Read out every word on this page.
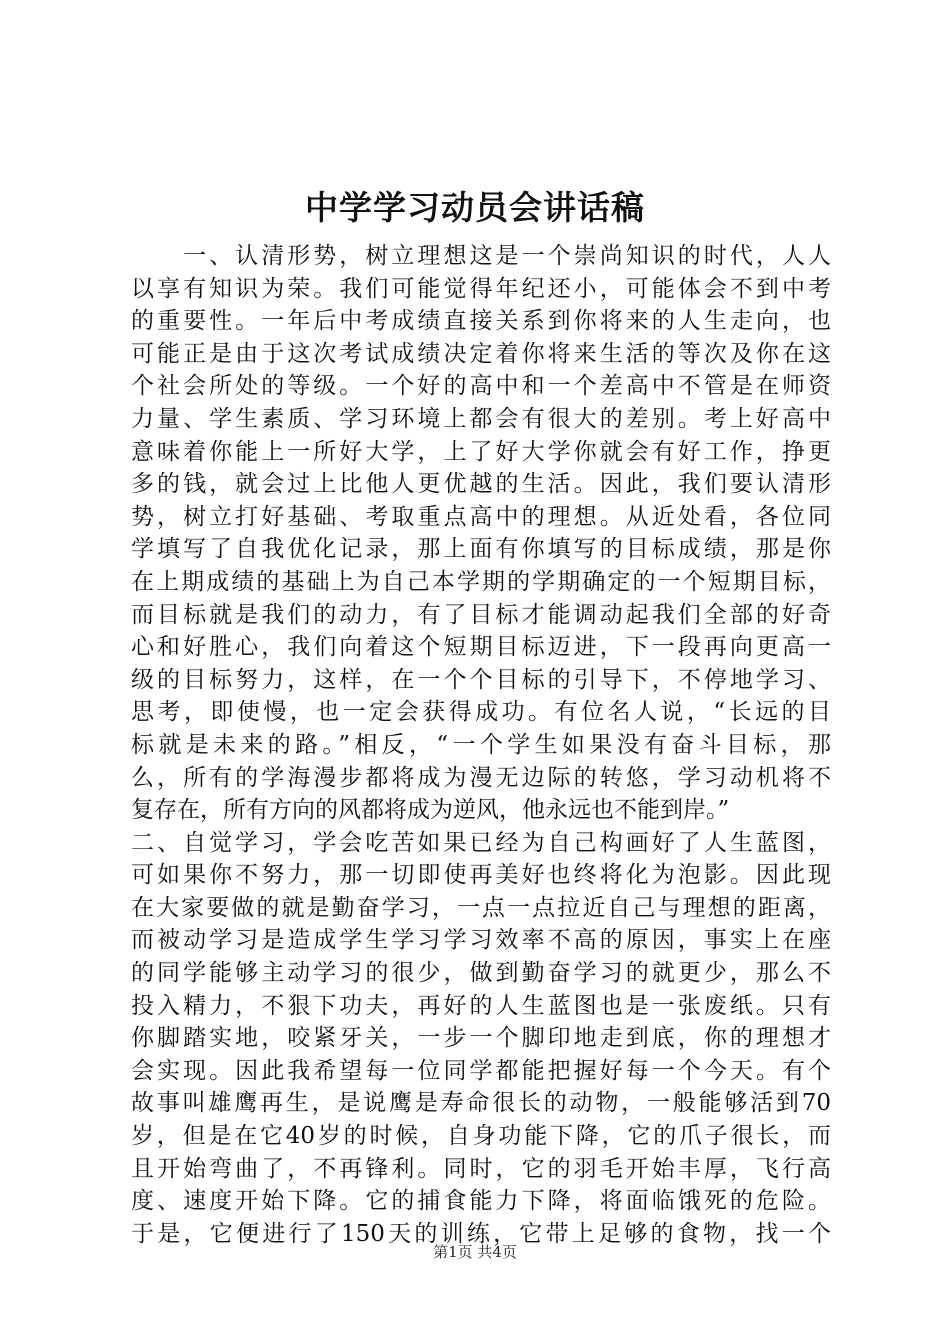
中学学习动员会讲话稿
　　一、认清形势，树立理想这是一个崇尚知识的时代，人人
以享有知识为荣。我们可能觉得年纪还小，可能体会不到中考
的重要性。一年后中考成绩直接关系到你将来的人生走向，也
可能正是由于这次考试成绩决定着你将来生活的等次及你在这
个社会所处的等级。一个好的高中和一个差高中不管是在师资
力量、学生素质、学习环境上都会有很大的差别。考上好高中
意味着你能上一所好大学，上了好大学你就会有好工作，挣更
多的钱，就会过上比他人更优越的生活。因此，我们要认清形
势，树立打好基础、考取重点高中的理想。从近处看，各位同
学填写了自我优化记录，那上面有你填写的目标成绩，那是你
在上期成绩的基础上为自己本学期的学期确定的一个短期目标，
而目标就是我们的动力，有了目标才能调动起我们全部的好奇
心和好胜心，我们向着这个短期目标迈进，下一段再向更高一
级的目标努力，这样，在一个个目标的引导下，不停地学习、
思考，即使慢，也一定会获得成功。有位名人说，“长远的目
标就是未来的路。”相反，“一个学生如果没有奋斗目标，那
么，所有的学海漫步都将成为漫无边际的转悠，学习动机将不
复存在，所有方向的风都将成为逆风，他永远也不能到岸。”
二、自觉学习，学会吃苦如果已经为自己构画好了人生蓝图，
可如果你不努力，那一切即使再美好也终将化为泡影。因此现
在大家要做的就是勤奋学习，一点一点拉近自己与理想的距离，
而被动学习是造成学生学习学习效率不高的原因，事实上在座
的同学能够主动学习的很少，做到勤奋学习的就更少，那么不
投入精力，不狠下功夫，再好的人生蓝图也是一张废纸。只有
你脚踏实地，咬紧牙关，一步一个脚印地走到底，你的理想才
会实现。因此我希望每一位同学都能把握好每一个今天。有个
故事叫雄鹰再生，是说鹰是寿命很长的动物，一般能够活到70
岁，但是在它40岁的时候，自身功能下降，它的爪子很长，而
且开始弯曲了，不再锋利。同时，它的羽毛开始丰厚，飞行高
度、速度开始下降。它的捕食能力下降，将面临饿死的危险。
于是，它便进行了150天的训练，它带上足够的食物，找一个
第1页 共4页
